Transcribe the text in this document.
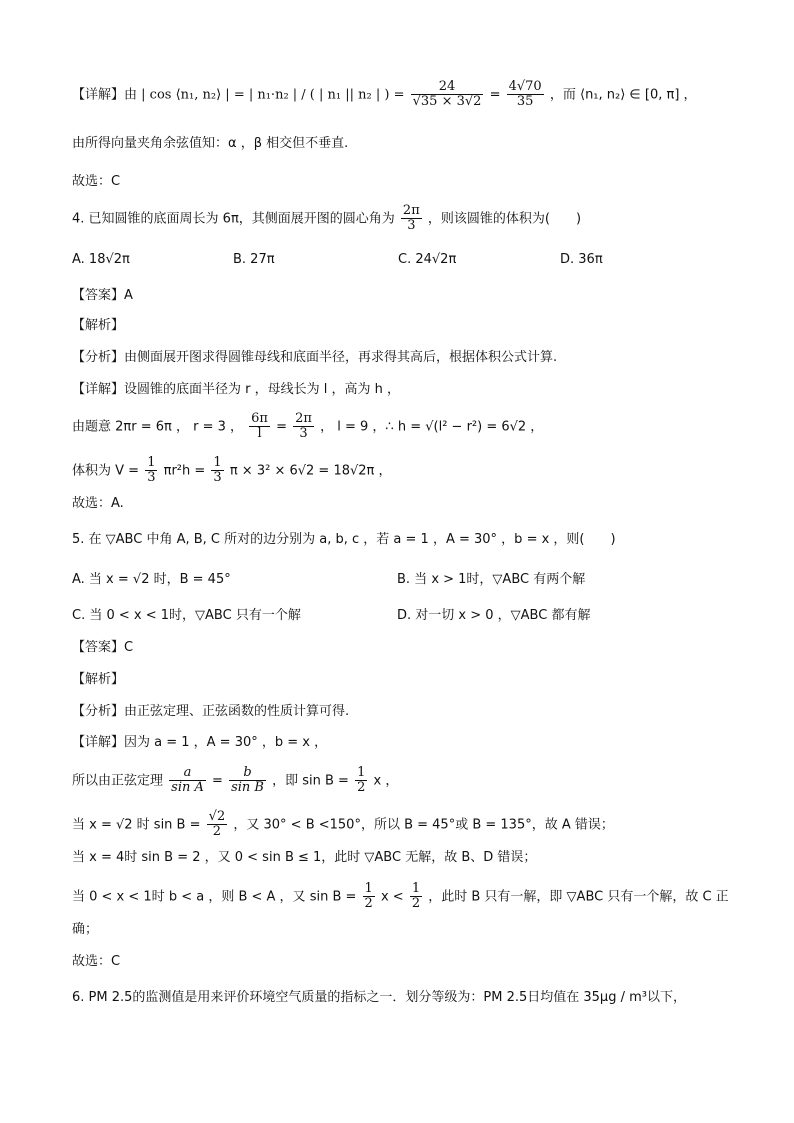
【详解】由 | cos ⟨n₁, n₂⟩ | = | n₁·n₂ | / ( | n₁ || n₂ | ) = $\frac{24}{√35 \times 3√2} = \frac{4√70}{35}$ ，而 ⟨n₁, n₂⟩ ∈ [0, π] ，
由所得向量夹角余弦值知：α ，β 相交但不垂直.
故选：C
4. 已知圆锥的底面周长为 6π，其侧面展开图的圆心角为 $\frac{2\pi}{3}$ ，则该圆锥的体积为(　　)
A. 18√2π	B. 27π	C. 24√2π	D. 36π
【答案】A
【解析】
【分析】由侧面展开图求得圆锥母线和底面半径，再求得其高后，根据体积公式计算.
【详解】设圆锥的底面半径为 r ，母线长为 l ，高为 h ，
由题意 2πr = 6π ， r = 3 ， $\frac{6\pi}{l} = \frac{2\pi}{3}$ ， l = 9 ，∴ h = √(l² − r²) = 6√2 ，
体积为 $V = \frac{1}{3} \pi r^2h = \frac{1}{3}$ π × 3² × 6√2 = 18√2π ，
故选：A.
5. 在 ▽ABC 中角 A, B, C 所对的边分别为 a, b, c ，若 a = 1 ，A = 30° ，b = x ，则(　　)
A. 当 x = √2 时，B = 45°	B. 当 x > 1时，▽ABC 有两个解
C. 当 0 < x < 1时，▽ABC 只有一个解	D. 对一切 x > 0 ，▽ABC 都有解
【答案】C
【解析】
【分析】由正弦定理、正弦函数的性质计算可得.
【详解】因为 a = 1 ，A = 30° ，b = x ，
所以由正弦定理 $\frac{a}{\text{sin A}} = \frac{b}{\text{sin B}}$ ，即 $\sin B = \frac{1}{2}$ x ，
当 x = √2 时 $\sin B = \frac{√2}{2}$ ，又 30° < B <150°，所以 B = 45°或 B = 135°，故 A 错误；
当 x = 4时 sin B = 2 ，又 0 < sin B ≤ 1，此时 ▽ABC 无解，故 B、D 错误；
当 0 < x < 1时 b < a ，则 B < A ，又 $\sin B = \frac{1}{2}$ $x < \frac{1}{2}$ ，此时 B 只有一解，即 ▽ABC 只有一个解，故 C 正
确；
故选：C
6. PM 2.5的监测值是用来评价环境空气质量的指标之一．划分等级为：PM 2.5日均值在 35μg / m³以下，
